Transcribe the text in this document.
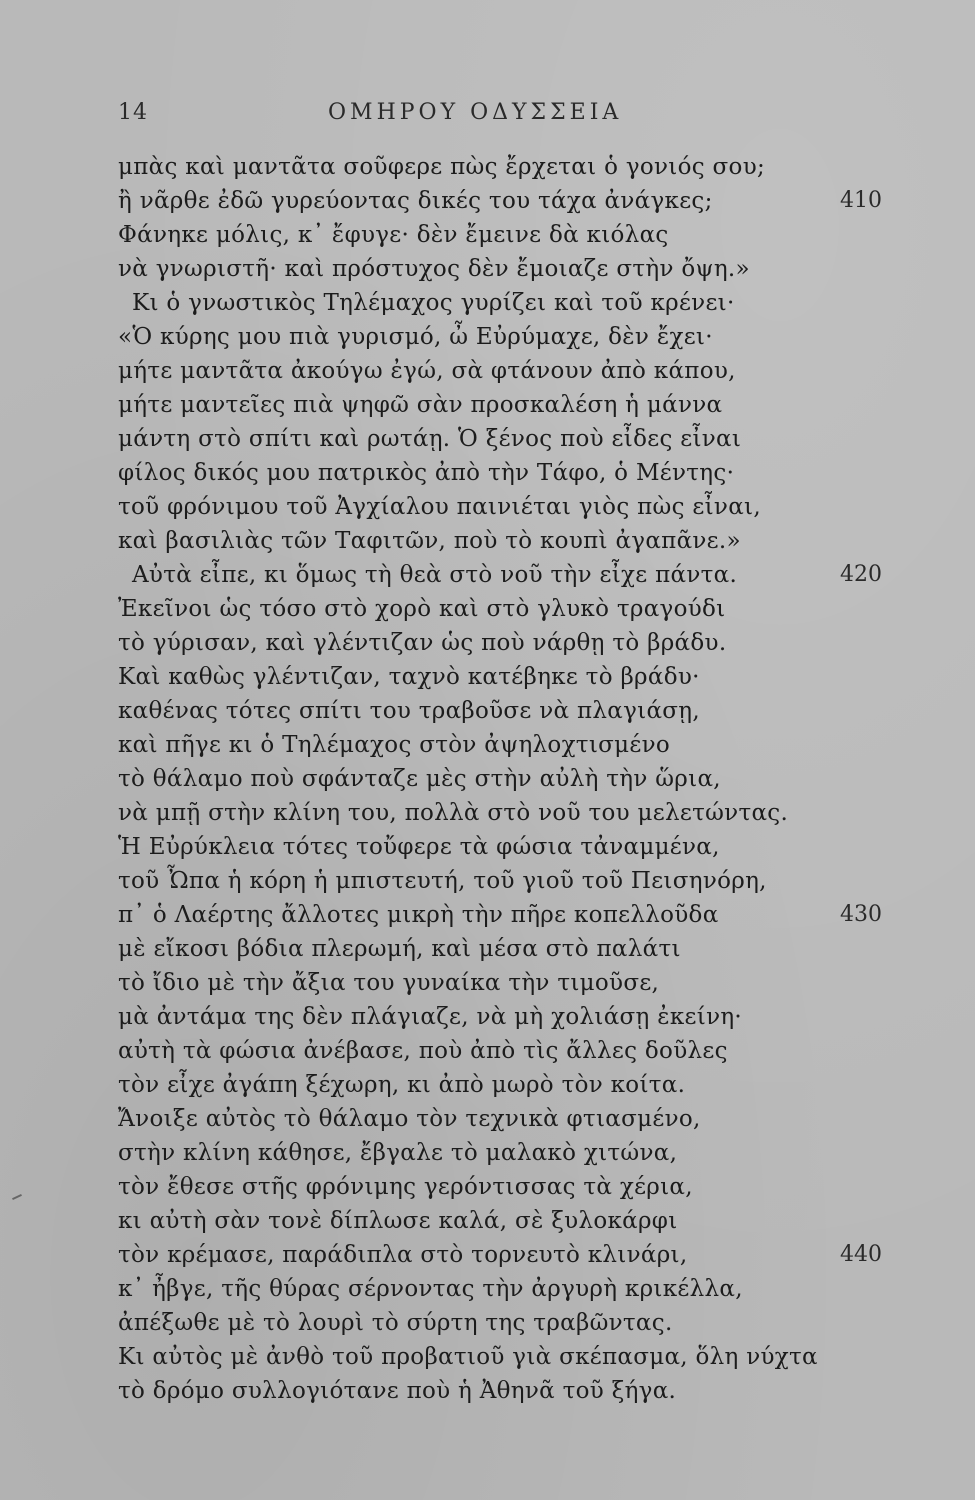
14	ΟΜΗΡΟΥ ΟΔΥΣΣΕΙΑ
μπὰς καὶ μαντᾶτα σοῦφερε πὼς ἔρχεται ὁ γονιός σου;
ἢ νᾶρθε ἐδῶ γυρεύοντας δικές του τάχα ἀνάγκες;
Φάνηκε μόλις, κ᾽ ἔφυγε· δὲν ἔμεινε δὰ κιόλας
νὰ γνωριστῆ· καὶ πρόστυχος δὲν ἔμοιαζε στὴν ὄψη.»
Κι ὁ γνωστικὸς Τηλέμαχος γυρίζει καὶ τοῦ κρένει·
«Ὁ κύρης μου πιὰ γυρισμό, ὦ Εὐρύμαχε, δὲν ἔχει·
μήτε μαντᾶτα ἀκούγω ἐγώ, σὰ φτάνουν ἀπὸ κάπου,
μήτε μαντεῖες πιὰ ψηφῶ σὰν προσκαλέση ἡ μάννα
μάντη στὸ σπίτι καὶ ρωτάῃ. Ὁ ξένος ποὺ εἶδες εἶναι
φίλος δικός μου πατρικὸς ἀπὸ τὴν Τάφο, ὁ Μέντης·
τοῦ φρόνιμου τοῦ Ἀγχίαλου παινιέται γιὸς πὼς εἶναι,
καὶ βασιλιὰς τῶν Ταφιτῶν, ποὺ τὸ κουπὶ ἀγαπᾶνε.»
Αὐτὰ εἶπε, κι ὅμως τὴ θεὰ στὸ νοῦ τὴν εἶχε πάντα.
Ἐκεῖνοι ὡς τόσο στὸ χορὸ καὶ στὸ γλυκὸ τραγούδι
τὸ γύρισαν, καὶ γλέντιζαν ὡς ποὺ νάρθῃ τὸ βράδυ.
Καὶ καθὼς γλέντιζαν, ταχνὸ κατέβηκε τὸ βράδυ·
καθένας τότες σπίτι του τραβοῦσε νὰ πλαγιάσῃ,
καὶ πῆγε κι ὁ Τηλέμαχος στὸν ἀψηλοχτισμένο
τὸ θάλαμο ποὺ σφάνταζε μὲς στὴν αὐλὴ τὴν ὥρια,
νὰ μπῇ στὴν κλίνη του, πολλὰ στὸ νοῦ του μελετώντας.
Ἡ Εὐρύκλεια τότες τοὔφερε τὰ φώσια τἀναμμένα,
τοῦ Ὦπα ἡ κόρη ἡ μπιστευτή, τοῦ γιοῦ τοῦ Πεισηνόρη,
π᾽ ὁ Λαέρτης ἄλλοτες μικρὴ τὴν πῆρε κοπελλοῦδα
μὲ εἴκοσι βόδια πλερωμή, καὶ μέσα στὸ παλάτι
τὸ ἴδιο μὲ τὴν ἄξια του γυναίκα τὴν τιμοῦσε,
μὰ ἀντάμα της δὲν πλάγιαζε, νὰ μὴ χολιάσῃ ἐκείνη·
αὐτὴ τὰ φώσια ἀνέβασε, ποὺ ἀπὸ τὶς ἄλλες δοῦλες
τὸν εἶχε ἀγάπη ξέχωρη, κι ἀπὸ μωρὸ τὸν κοίτα.
Ἄνοιξε αὐτὸς τὸ θάλαμο τὸν τεχνικὰ φτιασμένο,
στὴν κλίνη κάθησε, ἔβγαλε τὸ μαλακὸ χιτώνα,
τὸν ἔθεσε στῆς φρόνιμης γερόντισσας τὰ χέρια,
κι αὐτὴ σὰν τονὲ δίπλωσε καλά, σὲ ξυλοκάρφι
τὸν κρέμασε, παράδιπλα στὸ τορνευτὸ κλινάρι,
κ᾽ ἦβγε, τῆς θύρας σέρνοντας τὴν ἀργυρὴ κρικέλλα,
ἀπέξωθε μὲ τὸ λουρὶ τὸ σύρτη της τραβῶντας.
Κι αὐτὸς μὲ ἀνθὸ τοῦ προβατιοῦ γιὰ σκέπασμα, ὅλη νύχτα
τὸ δρόμο συλλογιότανε ποὺ ἡ Ἀθηνᾶ τοῦ ξήγα.
410
420
430
440
